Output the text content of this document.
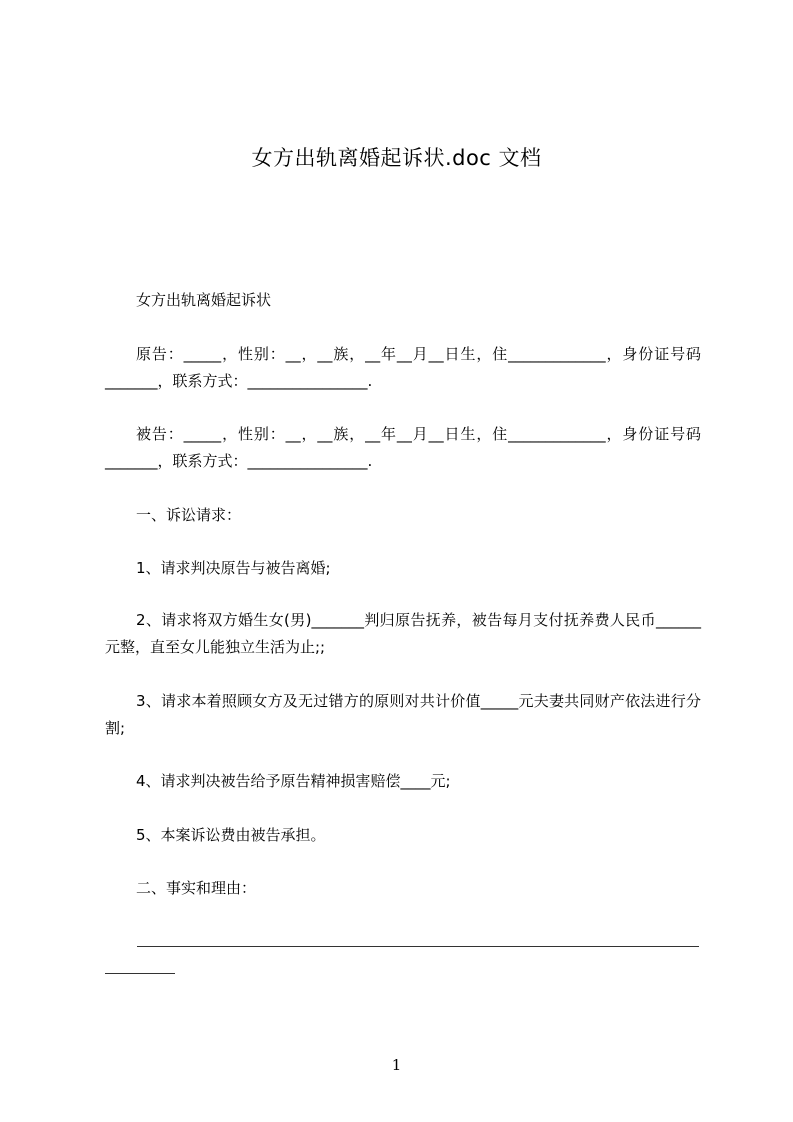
女方出轨离婚起诉状.doc 文档

女方出轨离婚起诉状

原告：_____，性别：__，__族，__年__月__日生，住_____________，身份证号码_______，联系方式：________________.

被告：_____，性别：__，__族，__年__月__日生，住_____________，身份证号码_______，联系方式：________________.

一、诉讼请求：

1、请求判决原告与被告离婚;

2、请求将双方婚生女(男)_______判归原告抚养，被告每月支付抚养费人民币______元整，直至女儿能独立生活为止;;

3、请求本着照顾女方及无过错方的原则对共计价值_____元夫妻共同财产依法进行分割;

4、请求判决被告给予原告精神损害赔偿____元;

5、本案诉讼费由被告承担。

二、事实和理由：

1
